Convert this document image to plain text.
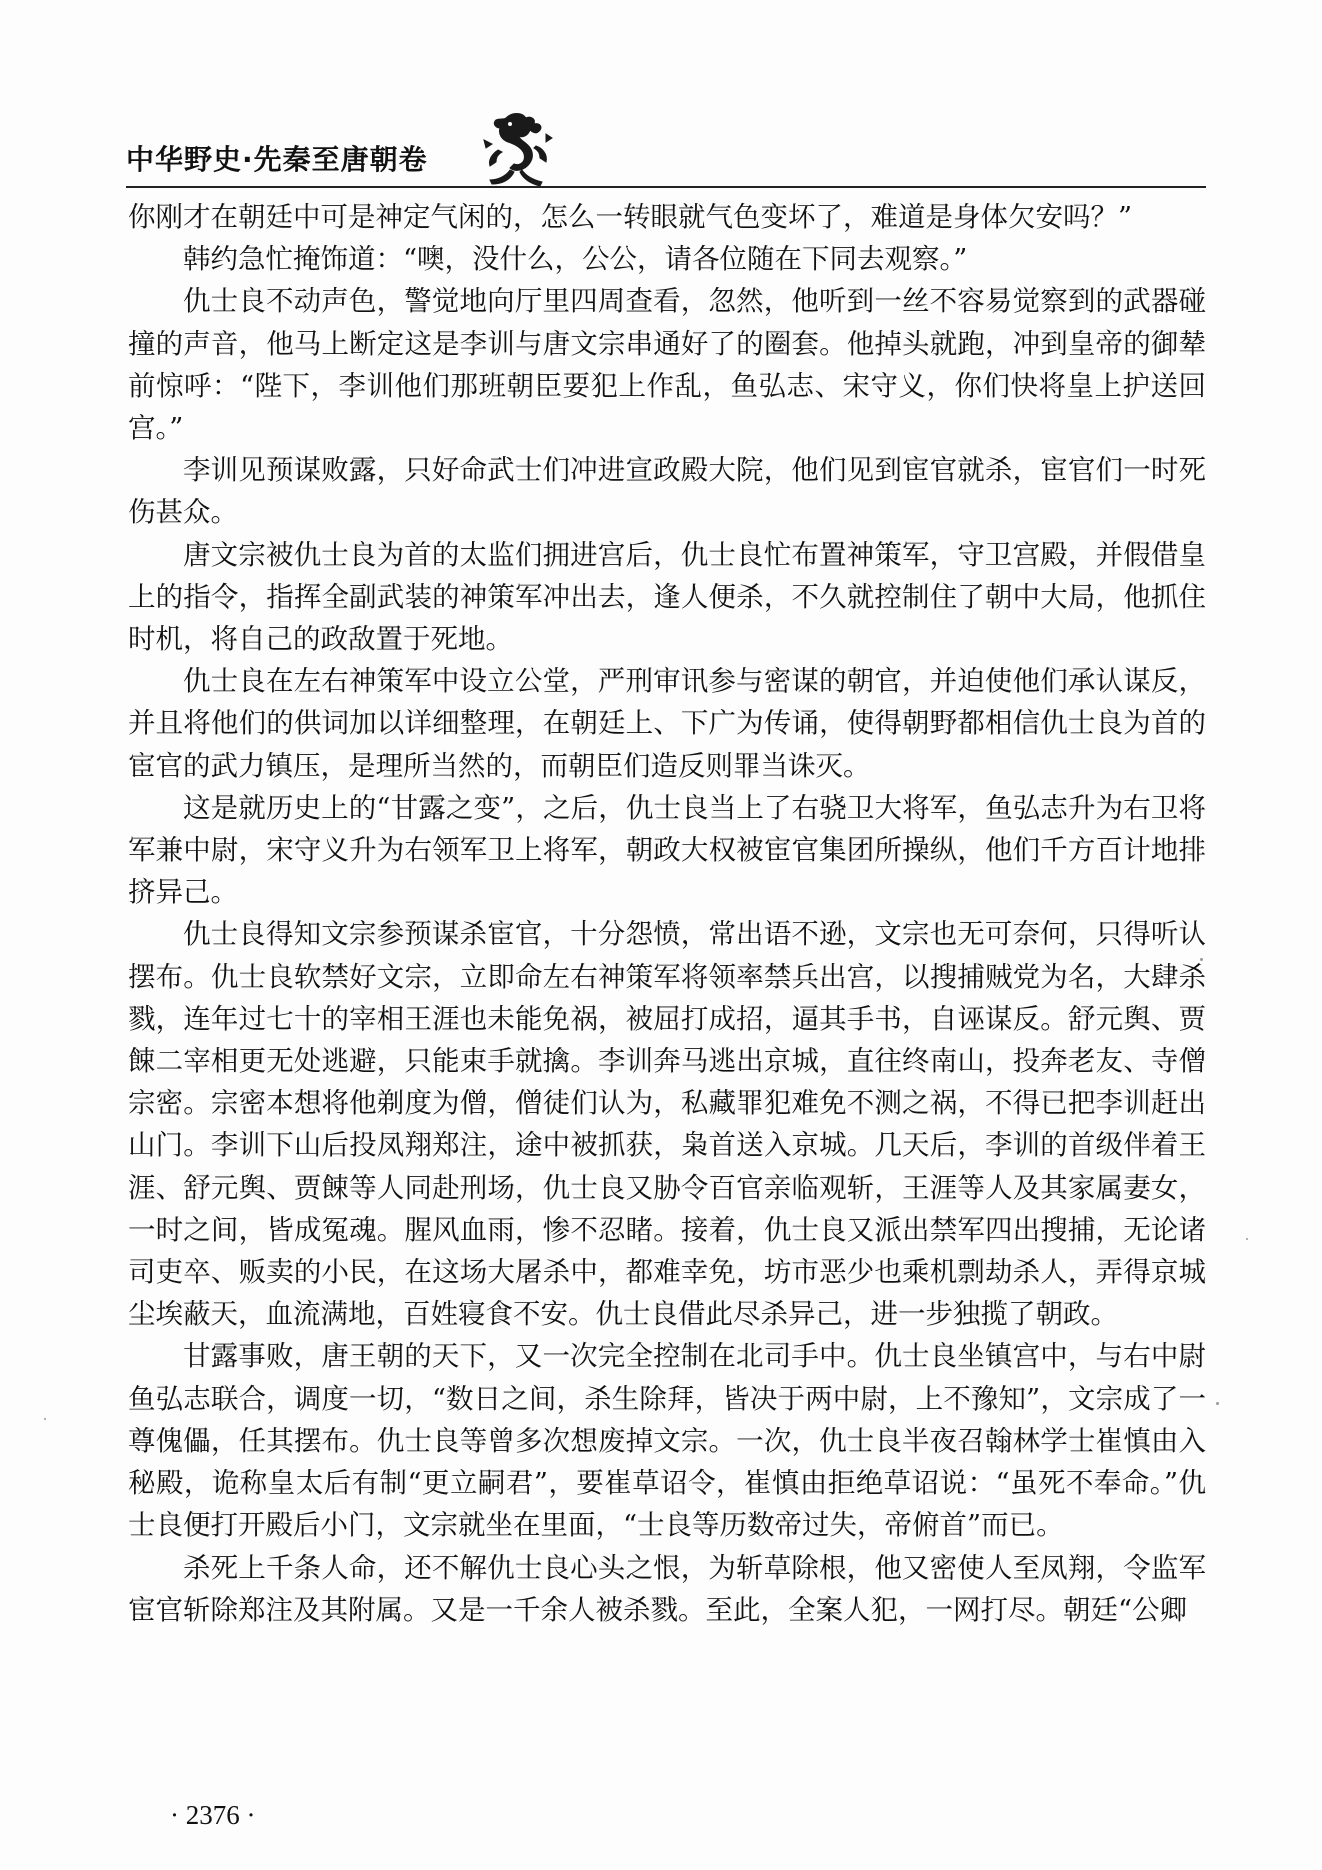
中华野史·先秦至唐朝卷

你刚才在朝廷中可是神定气闲的，怎么一转眼就气色变坏了，难道是身体欠安吗？”

韩约急忙掩饰道：“噢，没什么，公公，请各位随在下同去观察。”

仇士良不动声色，警觉地向厅里四周查看，忽然，他听到一丝不容易觉察到的武器碰撞的声音，他马上断定这是李训与唐文宗串通好了的圈套。他掉头就跑，冲到皇帝的御辇前惊呼：“陛下，李训他们那班朝臣要犯上作乱，鱼弘志、宋守义，你们快将皇上护送回宫。”

李训见预谋败露，只好命武士们冲进宣政殿大院，他们见到宦官就杀，宦官们一时死伤甚众。

唐文宗被仇士良为首的太监们拥进宫后，仇士良忙布置神策军，守卫宫殿，并假借皇上的指令，指挥全副武装的神策军冲出去，逢人便杀，不久就控制住了朝中大局，他抓住时机，将自己的政敌置于死地。

仇士良在左右神策军中设立公堂，严刑审讯参与密谋的朝官，并迫使他们承认谋反，并且将他们的供词加以详细整理，在朝廷上、下广为传诵，使得朝野都相信仇士良为首的宦官的武力镇压，是理所当然的，而朝臣们造反则罪当诛灭。

这是就历史上的“甘露之变”，之后，仇士良当上了右骁卫大将军，鱼弘志升为右卫将军兼中尉，宋守义升为右领军卫上将军，朝政大权被宦官集团所操纵，他们千方百计地排挤异己。

仇士良得知文宗参预谋杀宦官，十分怨愤，常出语不逊，文宗也无可奈何，只得听认摆布。仇士良软禁好文宗，立即命左右神策军将领率禁兵出宫，以搜捕贼党为名，大肆杀戮，连年过七十的宰相王涯也未能免祸，被屈打成招，逼其手书，自诬谋反。舒元舆、贾餗二宰相更无处逃避，只能束手就擒。李训奔马逃出京城，直往终南山，投奔老友、寺僧宗密。宗密本想将他剃度为僧，僧徒们认为，私藏罪犯难免不测之祸，不得已把李训赶出山门。李训下山后投凤翔郑注，途中被抓获，枭首送入京城。几天后，李训的首级伴着王涯、舒元舆、贾餗等人同赴刑场，仇士良又胁令百官亲临观斩，王涯等人及其家属妻女，一时之间，皆成冤魂。腥风血雨，惨不忍睹。接着，仇士良又派出禁军四出搜捕，无论诸司吏卒、贩卖的小民，在这场大屠杀中，都难幸免，坊市恶少也乘机剽劫杀人，弄得京城尘埃蔽天，血流满地，百姓寝食不安。仇士良借此尽杀异己，进一步独揽了朝政。

甘露事败，唐王朝的天下，又一次完全控制在北司手中。仇士良坐镇宫中，与右中尉鱼弘志联合，调度一切，“数日之间，杀生除拜，皆决于两中尉，上不豫知”，文宗成了一尊傀儡，任其摆布。仇士良等曾多次想废掉文宗。一次，仇士良半夜召翰林学士崔慎由入秘殿，诡称皇太后有制“更立嗣君”，要崔草诏令，崔慎由拒绝草诏说：“虽死不奉命。”仇士良便打开殿后小门，文宗就坐在里面，“士良等历数帝过失，帝俯首”而已。

杀死上千条人命，还不解仇士良心头之恨，为斩草除根，他又密使人至凤翔，令监军宦官斩除郑注及其附属。又是一千余人被杀戮。至此，全案人犯，一网打尽。朝廷“公卿

· 2376 ·
